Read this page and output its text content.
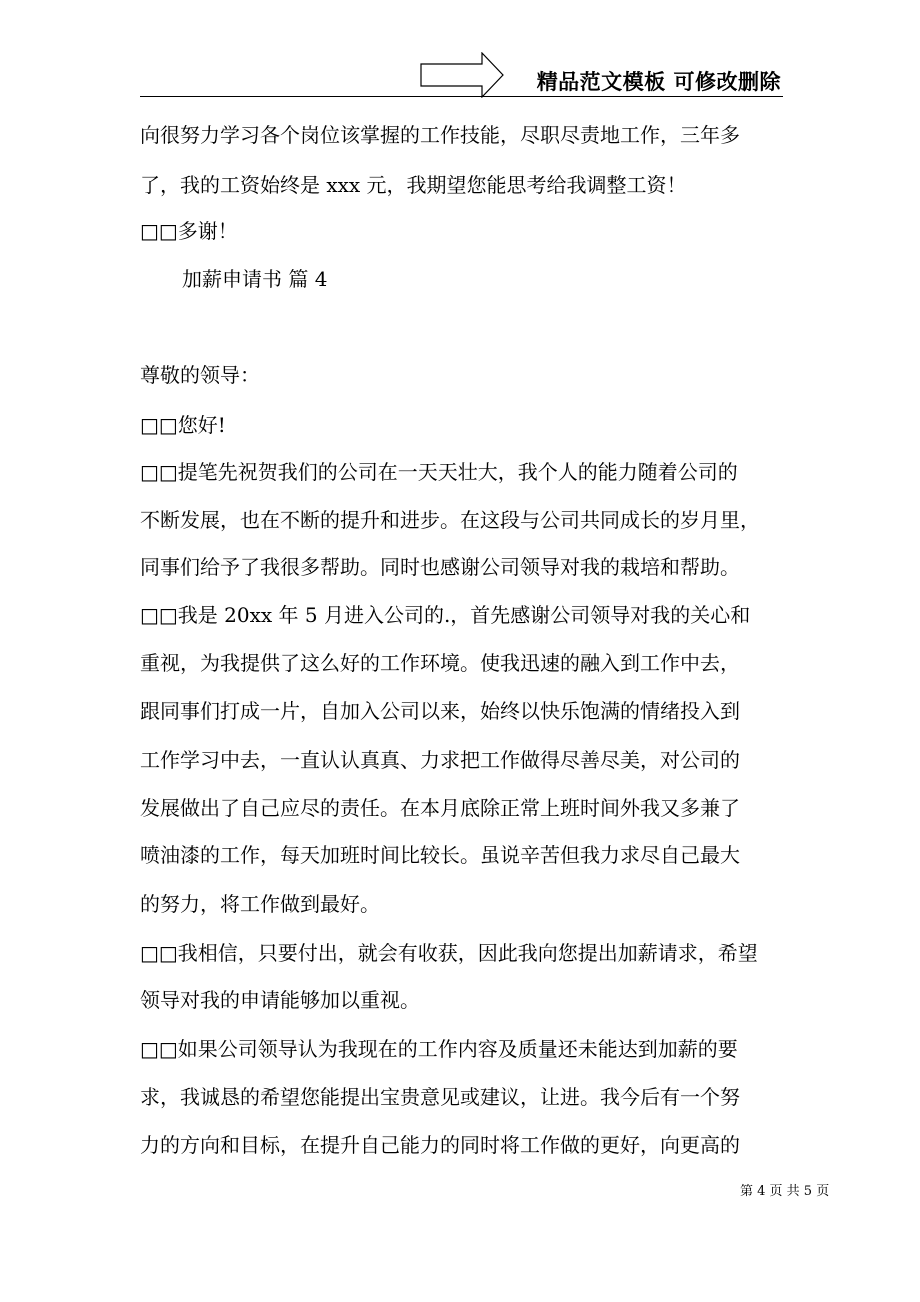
精品范文模板 可修改删除
向很努力学习各个岗位该掌握的工作技能，尽职尽责地工作，三年多
了，我的工资始终是 xxx 元，我期望您能思考给我调整工资！
□□多谢！
加薪申请书 篇 4
尊敬的领导：
□□您好!
□□提笔先祝贺我们的公司在一天天壮大，我个人的能力随着公司的
不断发展，也在不断的提升和进步。在这段与公司共同成长的岁月里，
同事们给予了我很多帮助。同时也感谢公司领导对我的栽培和帮助。
□□我是 20xx 年 5 月进入公司的.，首先感谢公司领导对我的关心和
重视，为我提供了这么好的工作环境。使我迅速的融入到工作中去，
跟同事们打成一片，自加入公司以来，始终以快乐饱满的情绪投入到
工作学习中去，一直认认真真、力求把工作做得尽善尽美，对公司的
发展做出了自己应尽的责任。在本月底除正常上班时间外我又多兼了
喷油漆的工作，每天加班时间比较长。虽说辛苦但我力求尽自己最大
的努力，将工作做到最好。
□□我相信，只要付出，就会有收获，因此我向您提出加薪请求，希望
领导对我的申请能够加以重视。
□□如果公司领导认为我现在的工作内容及质量还未能达到加薪的要
求，我诚恳的希望您能提出宝贵意见或建议，让进。我今后有一个努
力的方向和目标，在提升自己能力的同时将工作做的更好，向更高的
第 4 页 共 5 页
